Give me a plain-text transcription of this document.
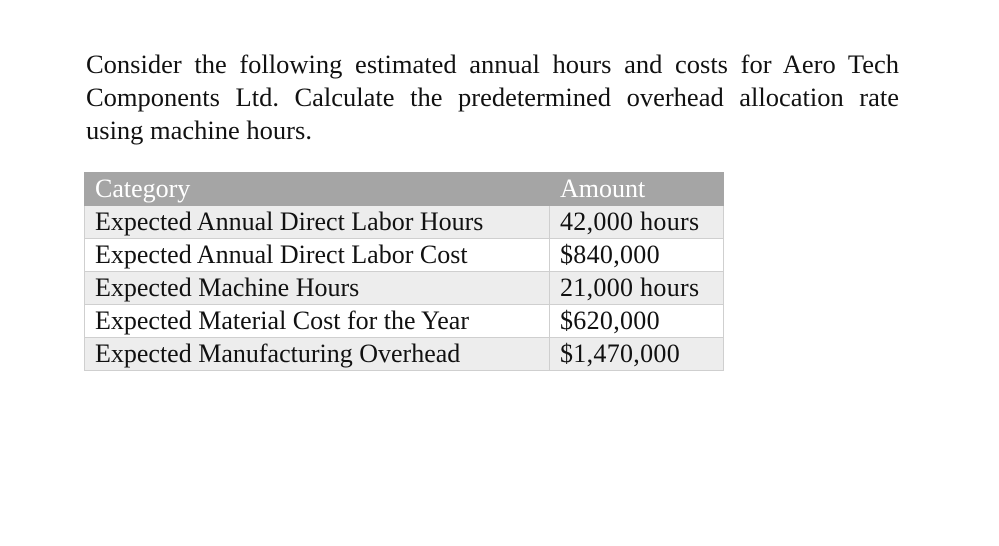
Consider the following estimated annual hours and costs for Aero Tech Components Ltd. Calculate the predetermined overhead allocation rate using machine hours.

Category	Amount
Expected Annual Direct Labor Hours	42,000 hours
Expected Annual Direct Labor Cost	$840,000
Expected Machine Hours	21,000 hours
Expected Material Cost for the Year	$620,000
Expected Manufacturing Overhead	$1,470,000
